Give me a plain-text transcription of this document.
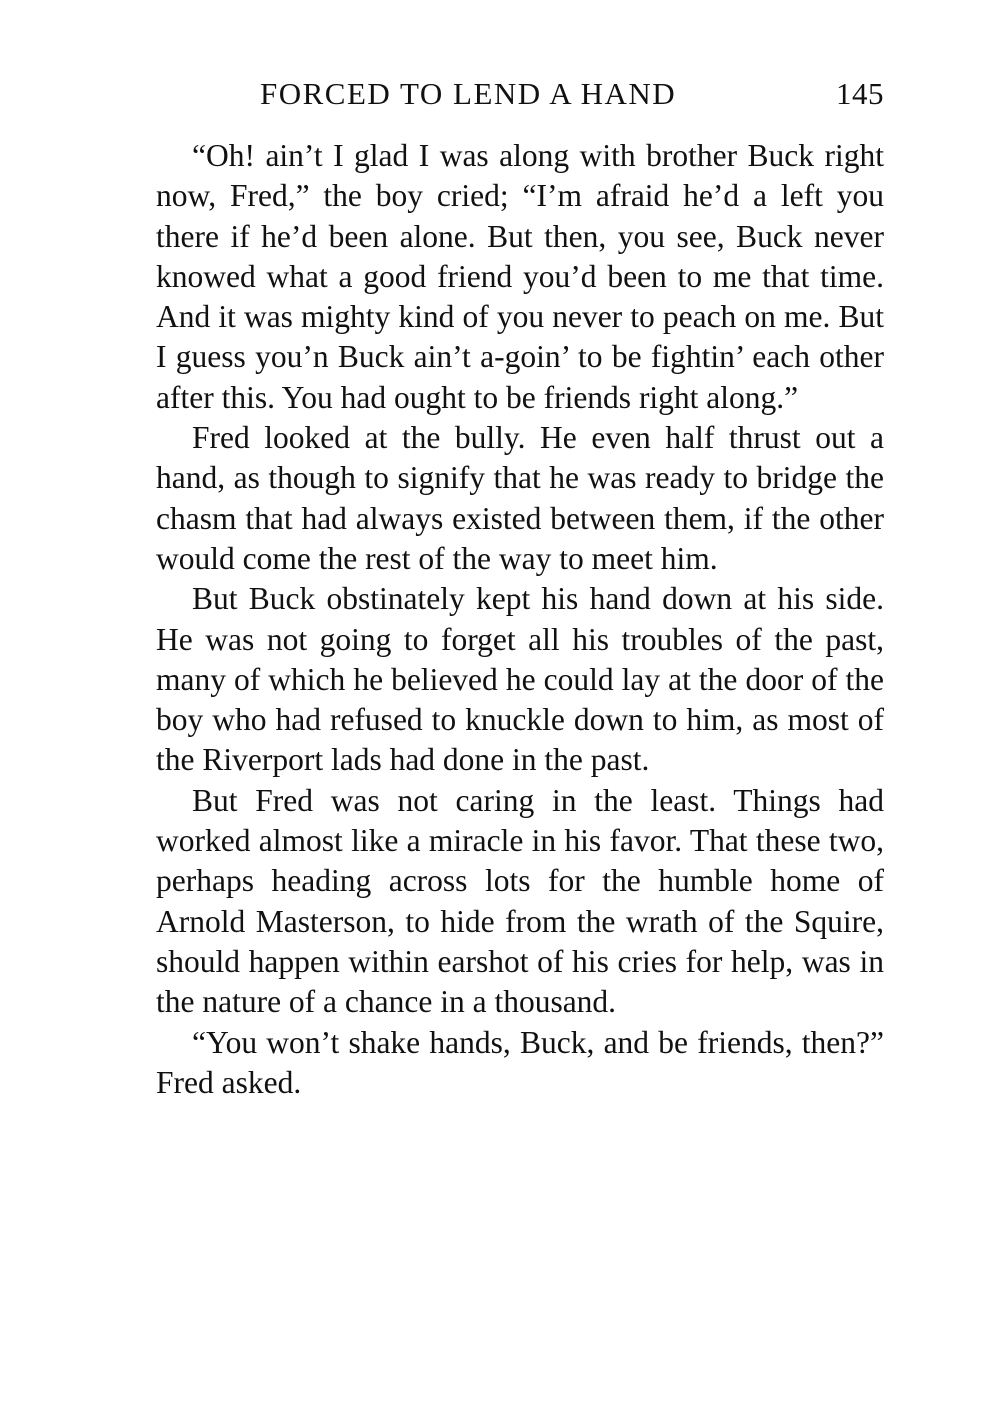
FORCED TO LEND A HAND	145

“Oh! ain’t I glad I was along with brother Buck right now, Fred,” the boy cried; “I’m afraid he’d a left you there if he’d been alone. But then, you see, Buck never knowed what a good friend you’d been to me that time. And it was mighty kind of you never to peach on me. But I guess you’n Buck ain’t a-goin’ to be fightin’ each other after this. You had ought to be friends right along.”

Fred looked at the bully. He even half thrust out a hand, as though to signify that he was ready to bridge the chasm that had always existed between them, if the other would come the rest of the way to meet him.

But Buck obstinately kept his hand down at his side. He was not going to forget all his troubles of the past, many of which he believed he could lay at the door of the boy who had refused to knuckle down to him, as most of the Riverport lads had done in the past.

But Fred was not caring in the least. Things had worked almost like a miracle in his favor. That these two, perhaps heading across lots for the humble home of Arnold Masterson, to hide from the wrath of the Squire, should happen within earshot of his cries for help, was in the nature of a chance in a thousand.

“You won’t shake hands, Buck, and be friends, then?” Fred asked.
